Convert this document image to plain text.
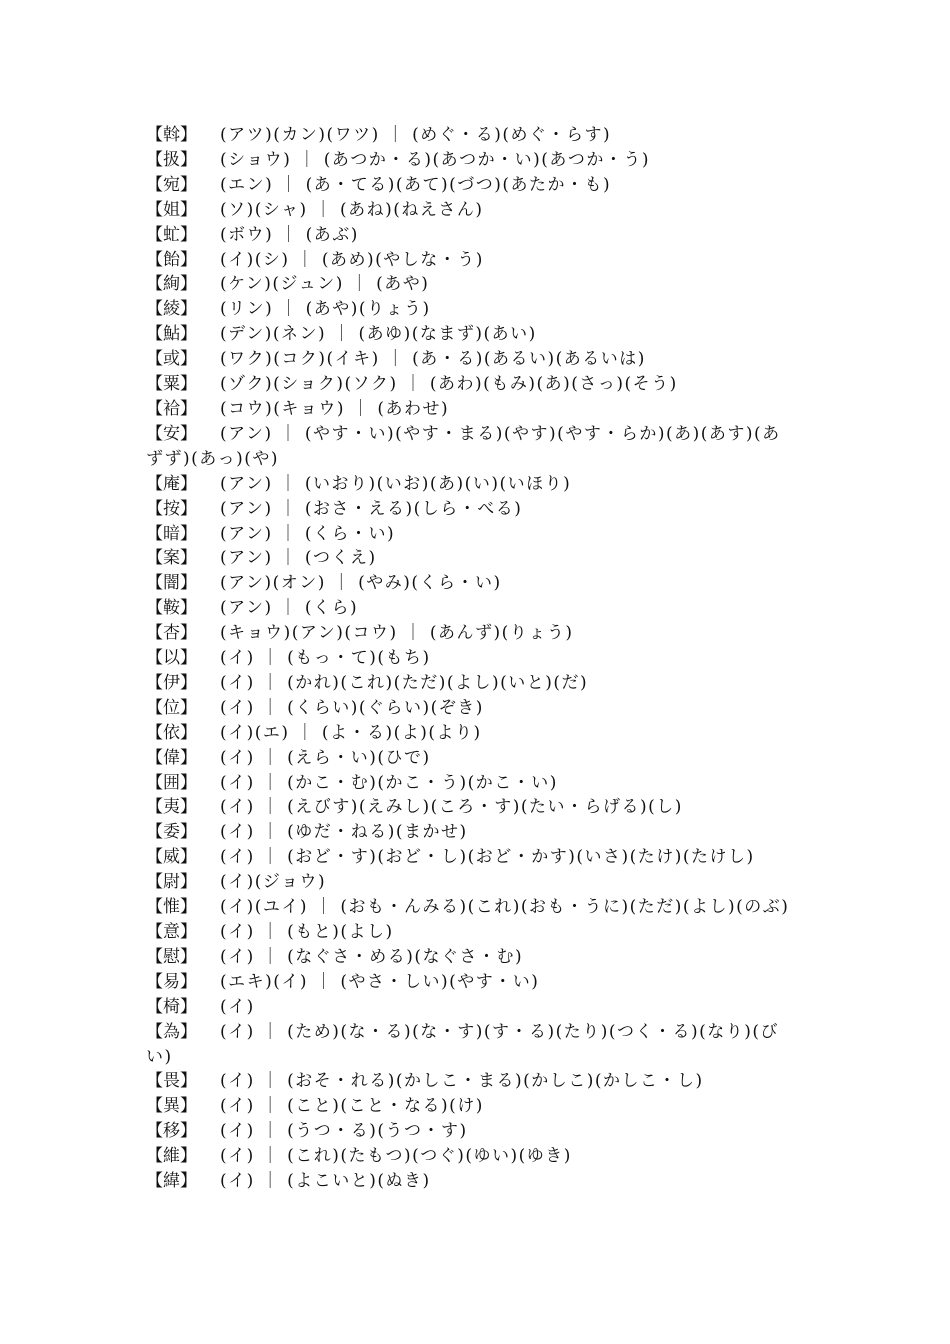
【斡】 (アツ)(カン)(ワツ) ｜ (めぐ・る)(めぐ・らす)
【扱】 (ショウ) ｜ (あつか・る)(あつか・い)(あつか・う)
【宛】 (エン) ｜ (あ・てる)(あて)(づつ)(あたか・も)
【姐】 (ソ)(シャ) ｜ (あね)(ねえさん)
【虻】 (ボウ) ｜ (あぶ)
【飴】 (イ)(シ) ｜ (あめ)(やしな・う)
【絢】 (ケン)(ジュン) ｜ (あや)
【綾】 (リン) ｜ (あや)(りょう)
【鮎】 (デン)(ネン) ｜ (あゆ)(なまず)(あい)
【或】 (ワク)(コク)(イキ) ｜ (あ・る)(あるい)(あるいは)
【粟】 (ゾク)(ショク)(ソク) ｜ (あわ)(もみ)(あ)(さっ)(そう)
【袷】 (コウ)(キョウ) ｜ (あわせ)
【安】 (アン) ｜ (やす・い)(やす・まる)(やす)(やす・らか)(あ)(あす)(あずず)(あっ)(や)
【庵】 (アン) ｜ (いおり)(いお)(あ)(い)(いほり)
【按】 (アン) ｜ (おさ・える)(しら・べる)
【暗】 (アン) ｜ (くら・い)
【案】 (アン) ｜ (つくえ)
【闇】 (アン)(オン) ｜ (やみ)(くら・い)
【鞍】 (アン) ｜ (くら)
【杏】 (キョウ)(アン)(コウ) ｜ (あんず)(りょう)
【以】 (イ) ｜ (もっ・て)(もち)
【伊】 (イ) ｜ (かれ)(これ)(ただ)(よし)(いと)(だ)
【位】 (イ) ｜ (くらい)(ぐらい)(ぞき)
【依】 (イ)(エ) ｜ (よ・る)(よ)(より)
【偉】 (イ) ｜ (えら・い)(ひで)
【囲】 (イ) ｜ (かこ・む)(かこ・う)(かこ・い)
【夷】 (イ) ｜ (えびす)(えみし)(ころ・す)(たい・らげる)(し)
【委】 (イ) ｜ (ゆだ・ねる)(まかせ)
【威】 (イ) ｜ (おど・す)(おど・し)(おど・かす)(いさ)(たけ)(たけし)
【尉】 (イ)(ジョウ)
【惟】 (イ)(ユイ) ｜ (おも・んみる)(これ)(おも・うに)(ただ)(よし)(のぶ)
【意】 (イ) ｜ (もと)(よし)
【慰】 (イ) ｜ (なぐさ・める)(なぐさ・む)
【易】 (エキ)(イ) ｜ (やさ・しい)(やす・い)
【椅】 (イ)
【為】 (イ) ｜ (ため)(な・る)(な・す)(す・る)(たり)(つく・る)(なり)(びい)
【畏】 (イ) ｜ (おそ・れる)(かしこ・まる)(かしこ)(かしこ・し)
【異】 (イ) ｜ (こと)(こと・なる)(け)
【移】 (イ) ｜ (うつ・る)(うつ・す)
【維】 (イ) ｜ (これ)(たもつ)(つぐ)(ゆい)(ゆき)
【緯】 (イ) ｜ (よこいと)(ぬき)
